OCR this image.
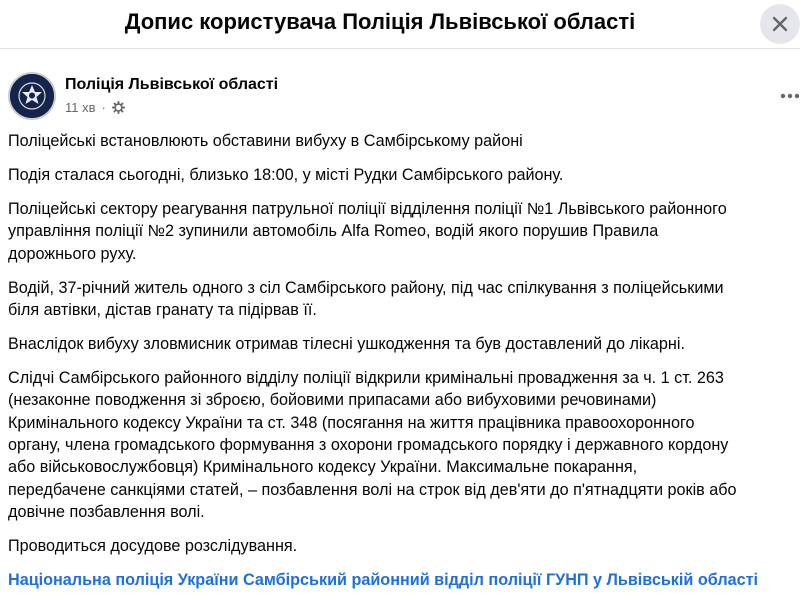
Допис користувача Поліція Львівської області
Поліція Львівської області
11 хв ·

Поліцейські встановлюють обставини вибуху в Самбірському районі

Подія сталася сьогодні, близько 18:00, у місті Рудки Самбірського району.

Поліцейські сектору реагування патрульної поліції відділення поліції №1 Львівського районного
управління поліції №2 зупинили автомобіль Alfa Romeo, водій якого порушив Правила
дорожнього руху.

Водій, 37-річний житель одного з сіл Самбірського району, під час спілкування з поліцейськими
біля автівки, дістав гранату та підірвав її.

Внаслідок вибуху зловмисник отримав тілесні ушкодження та був доставлений до лікарні.

Слідчі Самбірського районного відділу поліції відкрили кримінальні провадження за ч. 1 ст. 263
(незаконне поводження зі зброєю, бойовими припасами або вибуховими речовинами)
Кримінального кодексу України та ст. 348 (посягання на життя працівника правоохоронного
органу, члена громадського формування з охорони громадського порядку і державного кордону
або військовослужбовця) Кримінального кодексу України. Максимальне покарання,
передбачене санкціями статей, – позбавлення волі на строк від дев'яти до п'ятнадцяти років або
довічне позбавлення волі.

Проводиться досудове розслідування.

Національна поліція України Самбірський районний відділ поліції ГУНП у Львівській області
